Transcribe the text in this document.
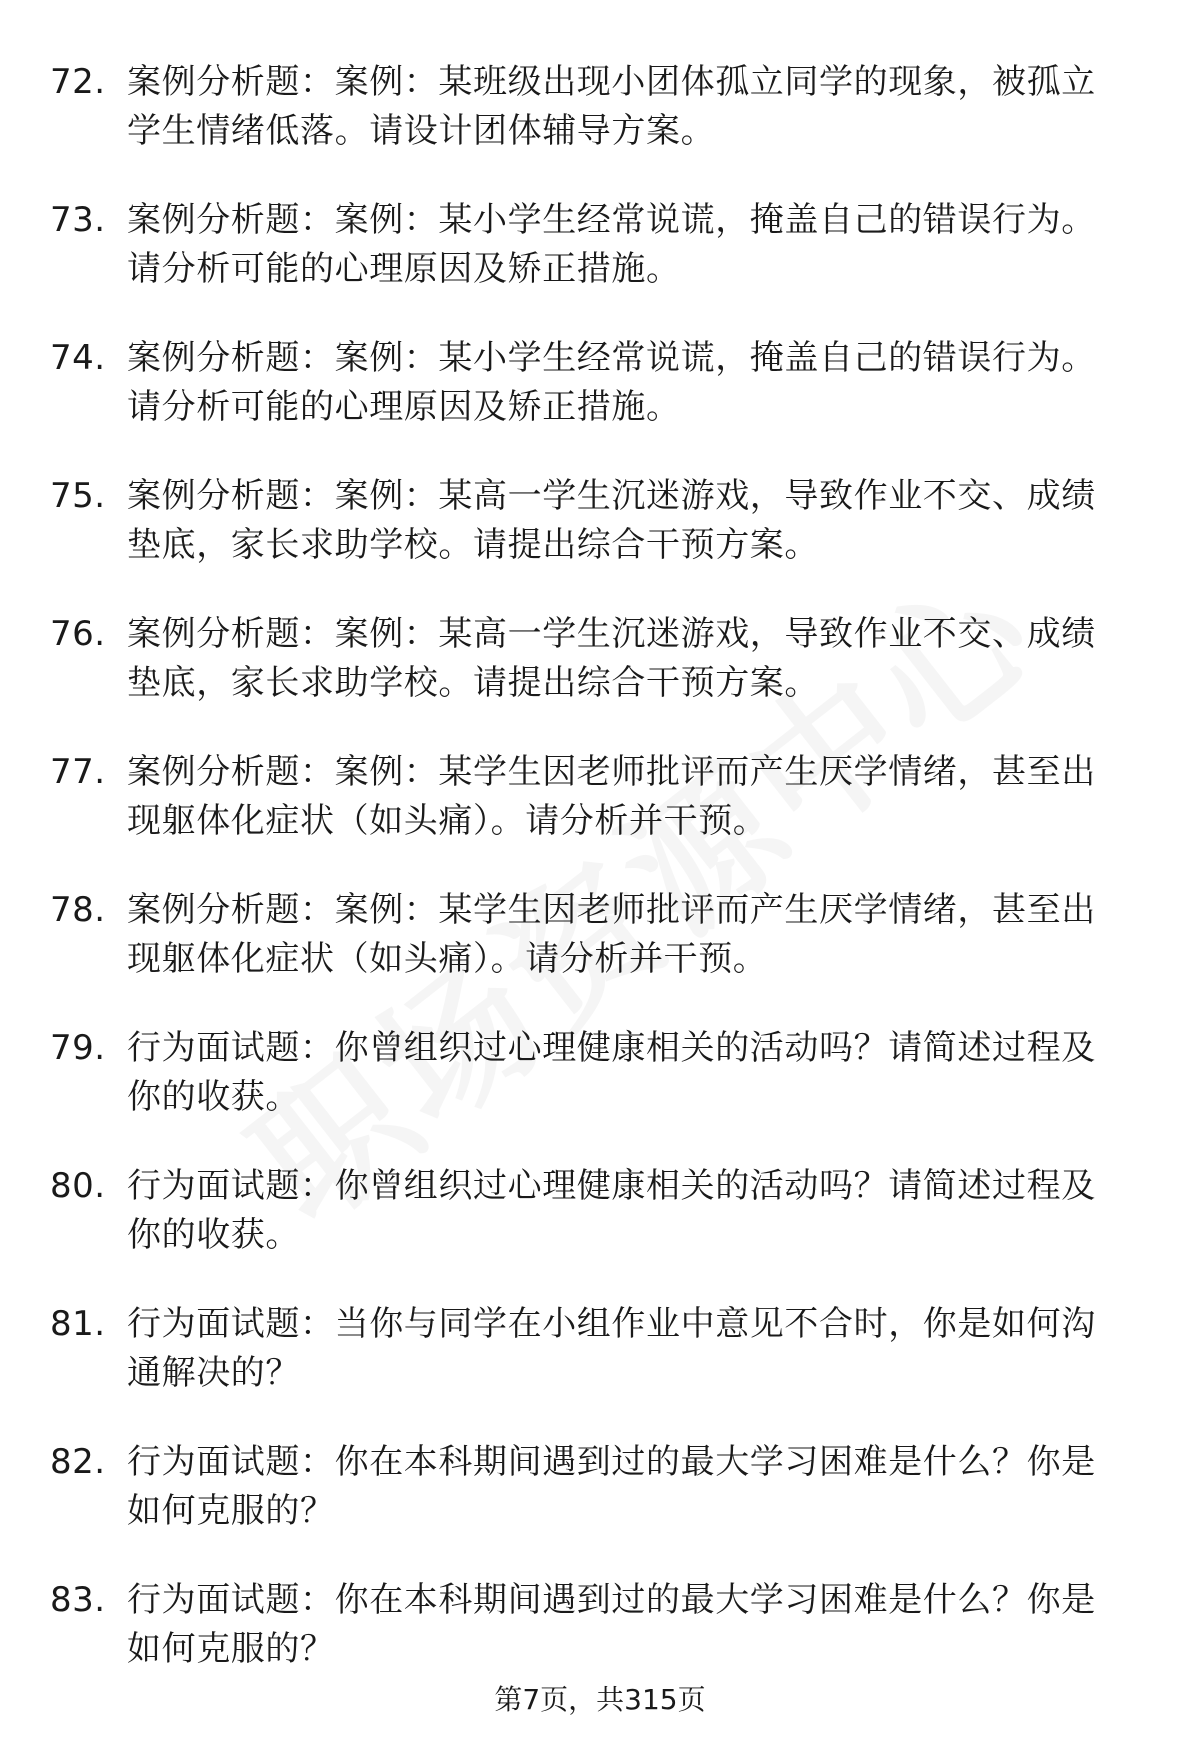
72. 案例分析题：案例：某班级出现小团体孤立同学的现象，被孤立学生情绪低落。请设计团体辅导方案。
73. 案例分析题：案例：某小学生经常说谎，掩盖自己的错误行为。请分析可能的心理原因及矫正措施。
74. 案例分析题：案例：某小学生经常说谎，掩盖自己的错误行为。请分析可能的心理原因及矫正措施。
75. 案例分析题：案例：某高一学生沉迷游戏，导致作业不交、成绩垫底，家长求助学校。请提出综合干预方案。
76. 案例分析题：案例：某高一学生沉迷游戏，导致作业不交、成绩垫底，家长求助学校。请提出综合干预方案。
77. 案例分析题：案例：某学生因老师批评而产生厌学情绪，甚至出现躯体化症状（如头痛）。请分析并干预。
78. 案例分析题：案例：某学生因老师批评而产生厌学情绪，甚至出现躯体化症状（如头痛）。请分析并干预。
79. 行为面试题：你曾组织过心理健康相关的活动吗？请简述过程及你的收获。
80. 行为面试题：你曾组织过心理健康相关的活动吗？请简述过程及你的收获。
81. 行为面试题：当你与同学在小组作业中意见不合时，你是如何沟通解决的？
82. 行为面试题：你在本科期间遇到过的最大学习困难是什么？你是如何克服的？
83. 行为面试题：你在本科期间遇到过的最大学习困难是什么？你是如何克服的？
第7页，共315页
